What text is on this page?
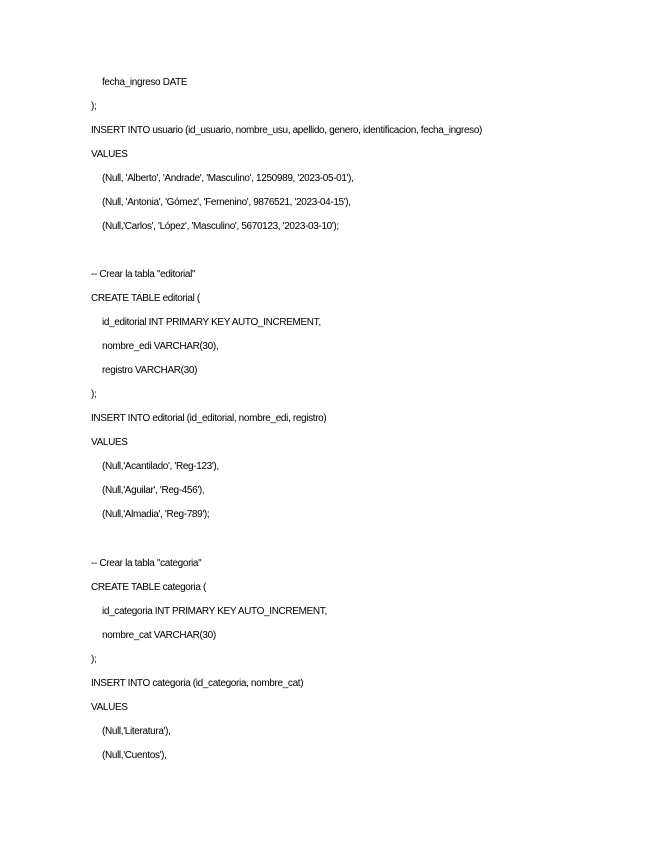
fecha_ingreso DATE
);
INSERT INTO usuario (id_usuario, nombre_usu, apellido, genero, identificacion, fecha_ingreso)
VALUES
(Null, 'Alberto', 'Andrade', 'Masculino', 1250989, '2023-05-01'),
(Null, 'Antonia', 'Gómez', 'Femenino', 9876521, '2023-04-15'),
(Null,'Carlos', 'López', 'Masculino', 5670123, '2023-03-10');
-- Crear la tabla "editorial"
CREATE TABLE editorial (
id_editorial INT PRIMARY KEY AUTO_INCREMENT,
nombre_edi VARCHAR(30),
registro VARCHAR(30)
);
INSERT INTO editorial (id_editorial, nombre_edi, registro)
VALUES
(Null,'Acantilado', 'Reg-123'),
(Null,'Aguilar', 'Reg-456'),
(Null,'Almadia', 'Reg-789');
-- Crear la tabla "categoria"
CREATE TABLE categoria (
id_categoria INT PRIMARY KEY AUTO_INCREMENT,
nombre_cat VARCHAR(30)
);
INSERT INTO categoria (id_categoria, nombre_cat)
VALUES
(Null,'Literatura'),
(Null,'Cuentos'),
